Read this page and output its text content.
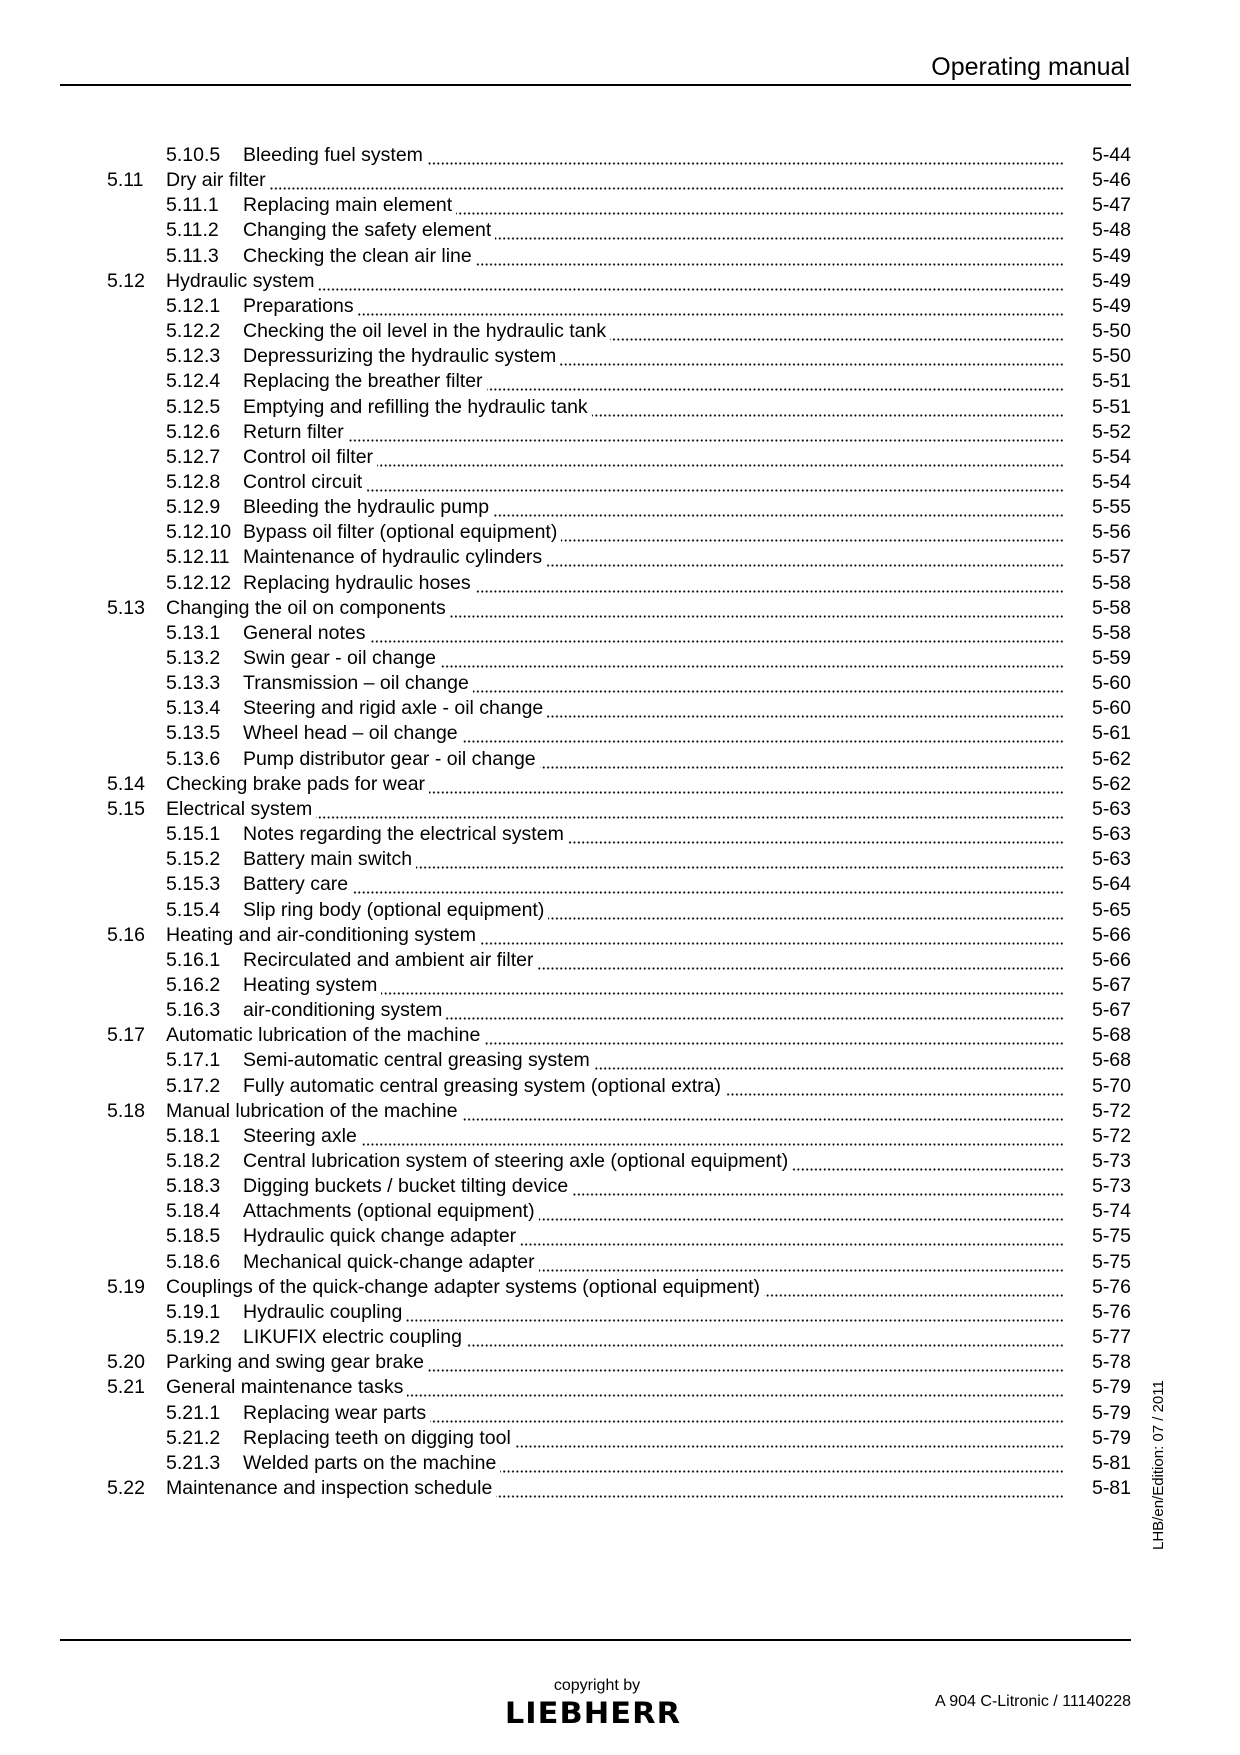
Operating manual
5.10.5 Bleeding fuel system	5-44
5.11 Dry air filter	5-46
5.11.1 Replacing main element	5-47
5.11.2 Changing the safety element	5-48
5.11.3 Checking the clean air line	5-49
5.12 Hydraulic system	5-49
5.12.1 Preparations	5-49
5.12.2 Checking the oil level in the hydraulic tank	5-50
5.12.3 Depressurizing the hydraulic system	5-50
5.12.4 Replacing the breather filter	5-51
5.12.5 Emptying and refilling the hydraulic tank	5-51
5.12.6 Return filter	5-52
5.12.7 Control oil filter	5-54
5.12.8 Control circuit	5-54
5.12.9 Bleeding the hydraulic pump	5-55
5.12.10 Bypass oil filter (optional equipment)	5-56
5.12.11 Maintenance of hydraulic cylinders	5-57
5.12.12 Replacing hydraulic hoses	5-58
5.13 Changing the oil on components	5-58
5.13.1 General notes	5-58
5.13.2 Swin gear - oil change	5-59
5.13.3 Transmission – oil change	5-60
5.13.4 Steering and rigid axle - oil change	5-60
5.13.5 Wheel head – oil change	5-61
5.13.6 Pump distributor gear - oil change	5-62
5.14 Checking brake pads for wear	5-62
5.15 Electrical system	5-63
5.15.1 Notes regarding the electrical system	5-63
5.15.2 Battery main switch	5-63
5.15.3 Battery care	5-64
5.15.4 Slip ring body (optional equipment)	5-65
5.16 Heating and air-conditioning system	5-66
5.16.1 Recirculated and ambient air filter	5-66
5.16.2 Heating system	5-67
5.16.3 air-conditioning system	5-67
5.17 Automatic lubrication of the machine	5-68
5.17.1 Semi-automatic central greasing system	5-68
5.17.2 Fully automatic central greasing system (optional extra)	5-70
5.18 Manual lubrication of the machine	5-72
5.18.1 Steering axle	5-72
5.18.2 Central lubrication system of steering axle (optional equipment)	5-73
5.18.3 Digging buckets / bucket tilting device	5-73
5.18.4 Attachments (optional equipment)	5-74
5.18.5 Hydraulic quick change adapter	5-75
5.18.6 Mechanical quick-change adapter	5-75
5.19 Couplings of the quick-change adapter systems (optional equipment)	5-76
5.19.1 Hydraulic coupling	5-76
5.19.2 LIKUFIX electric coupling	5-77
5.20 Parking and swing gear brake	5-78
5.21 General maintenance tasks	5-79
5.21.1 Replacing wear parts	5-79
5.21.2 Replacing teeth on digging tool	5-79
5.21.3 Welded parts on the machine	5-81
5.22 Maintenance and inspection schedule	5-81 LHB/en/Edition: 07 / 2011
copyright by
LIEBHERR	A 904 C-Litronic / 11140228
